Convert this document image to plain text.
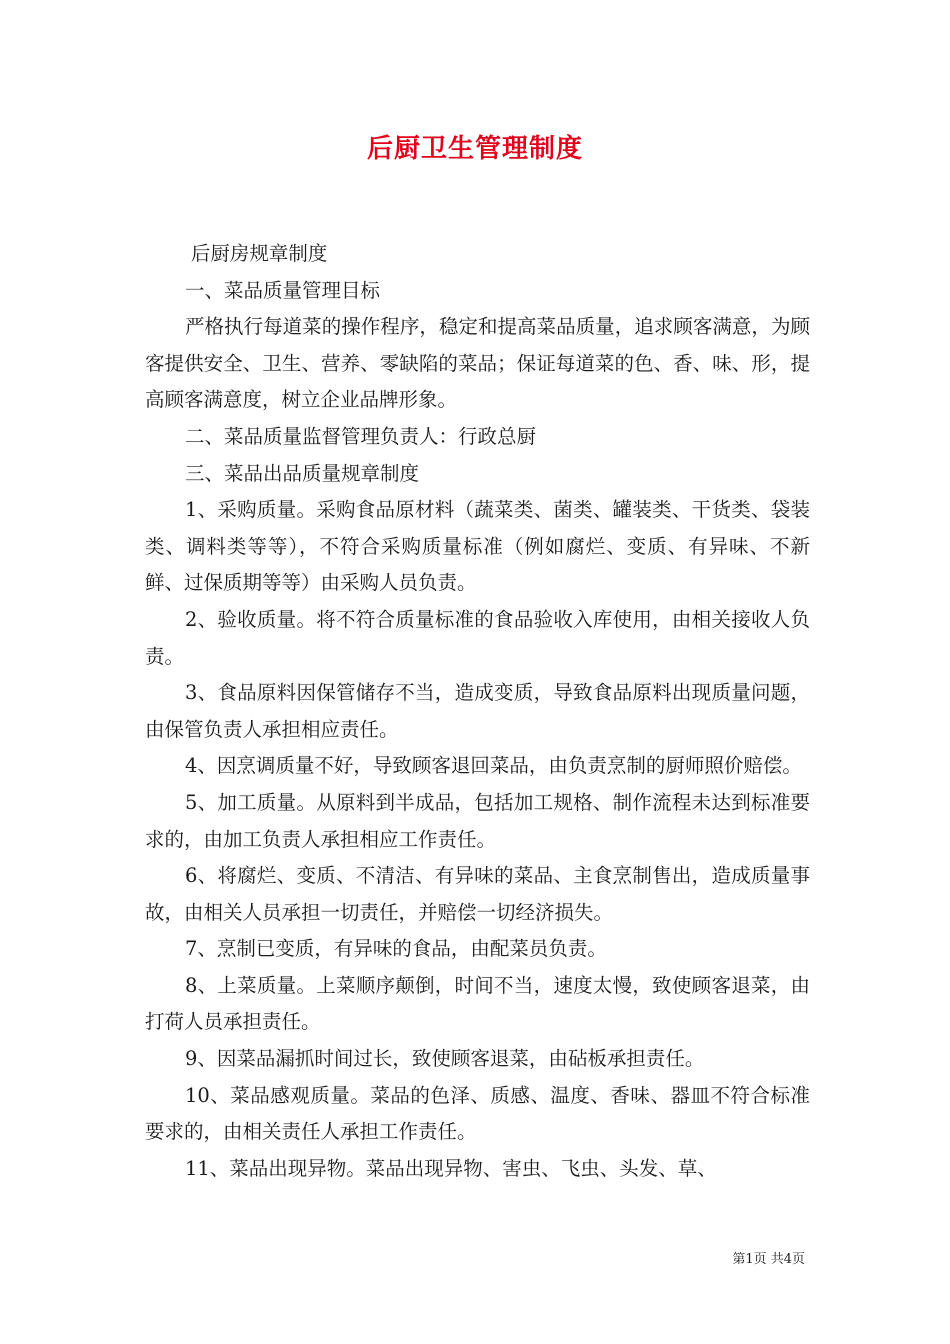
后厨卫生管理制度

后厨房规章制度

一、菜品质量管理目标

严格执行每道菜的操作程序，稳定和提高菜品质量，追求顾客满意，为顾客提供安全、卫生、营养、零缺陷的菜品；保证每道菜的色、香、味、形，提高顾客满意度，树立企业品牌形象。

二、菜品质量监督管理负责人：行政总厨

三、菜品出品质量规章制度

1、采购质量。采购食品原材料（蔬菜类、菌类、罐装类、干货类、袋装类、调料类等等），不符合采购质量标准（例如腐烂、变质、有异味、不新鲜、过保质期等等）由采购人员负责。

2、验收质量。将不符合质量标准的食品验收入库使用，由相关接收人负责。

3、食品原料因保管储存不当，造成变质，导致食品原料出现质量问题，由保管负责人承担相应责任。

4、因烹调质量不好，导致顾客退回菜品，由负责烹制的厨师照价赔偿。

5、加工质量。从原料到半成品，包括加工规格、制作流程未达到标准要求的，由加工负责人承担相应工作责任。

6、将腐烂、变质、不清洁、有异味的菜品、主食烹制售出，造成质量事故，由相关人员承担一切责任，并赔偿一切经济损失。

7、烹制已变质，有异味的食品，由配菜员负责。

8、上菜质量。上菜顺序颠倒，时间不当，速度太慢，致使顾客退菜，由打荷人员承担责任。

9、因菜品漏抓时间过长，致使顾客退菜，由砧板承担责任。

10、菜品感观质量。菜品的色泽、质感、温度、香味、器皿不符合标准要求的，由相关责任人承担工作责任。

11、菜品出现异物。菜品出现异物、害虫、飞虫、头发、草、

第1页 共4页
